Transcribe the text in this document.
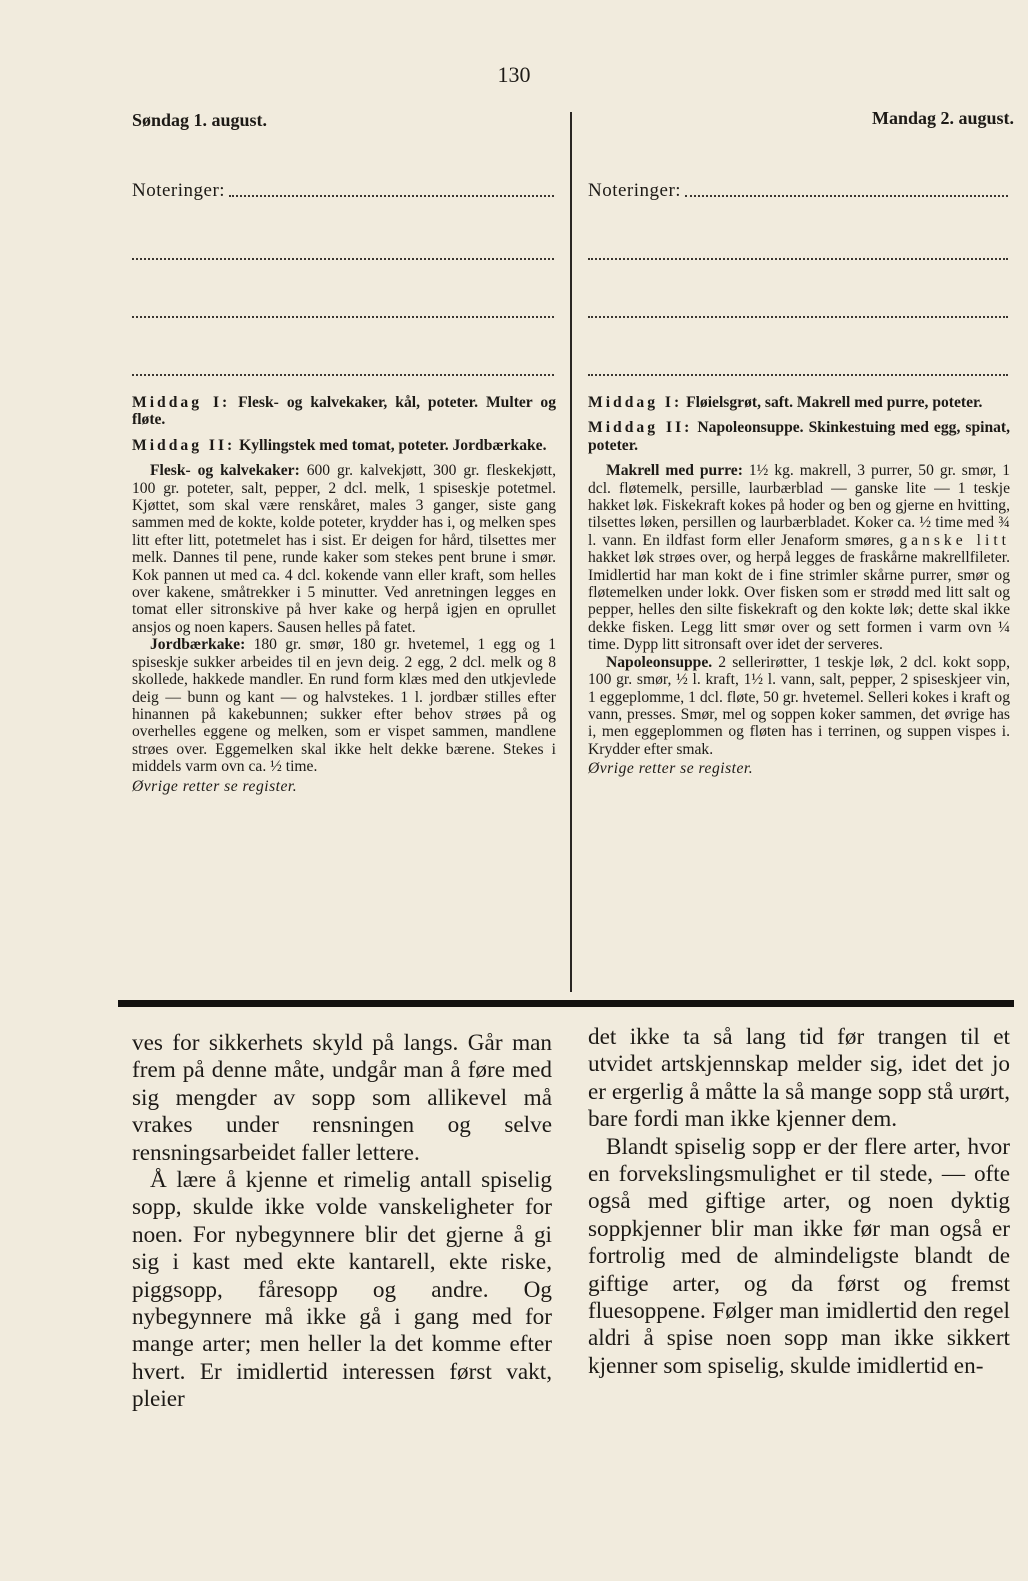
130
Søndag 1. august.	Mandag 2. august.
Noteringer:	Noteringer:

Middag I: Flesk- og kalvekaker, kål, poteter. Multer og fløte.

Middag II: Kyllingstek med tomat, poteter. Jordbærkake.

Flesk- og kalvekaker: 600 gr. kalvekjøtt, 300 gr. fleskekjøtt, 100 gr. poteter, salt, pepper, 2 dcl. melk, 1 spiseskje potetmel. Kjøttet, som skal være renskåret, males 3 ganger, siste gang sammen med de kokte, kolde poteter, krydder has i, og melken spes litt efter litt, potetmelet has i sist. Er deigen for hård, tilsettes mer melk. Dannes til pene, runde kaker som stekes pent brune i smør. Kok pannen ut med ca. 4 dcl. kokende vann eller kraft, som helles over kakene, småtrekker i 5 minutter. Ved anretningen legges en tomat eller sitronskive på hver kake og herpå igjen en oprullet ansjos og noen kapers. Sausen helles på fatet.

Jordbærkake: 180 gr. smør, 180 gr. hvetemel, 1 egg og 1 spiseskje sukker arbeides til en jevn deig. 2 egg, 2 dcl. melk og 8 skollede, hakkede mandler. En rund form klæs med den utkjevlede deig — bunn og kant — og halvstekes. 1 l. jordbær stilles efter hinannen på kakebunnen; sukker efter behov strøes på og overhelles eggene og melken, som er vispet sammen, mandlene strøes over. Eggemelken skal ikke helt dekke bærene. Stekes i middels varm ovn ca. ½ time.

Øvrige retter se register.

Middag I: Fløielsgrøt, saft. Makrell med purre, poteter.

Middag II: Napoleonsuppe. Skinkestuing med egg, spinat, poteter.

Makrell med purre: 1½ kg. makrell, 3 purrer, 50 gr. smør, 1 dcl. fløtemelk, persille, laurbærblad — ganske lite — 1 teskje hakket løk. Fiskekraft kokes på hoder og ben og gjerne en hvitting, tilsettes løken, persillen og laurbærbladet. Koker ca. ½ time med ¾ l. vann. En ildfast form eller Jenaform smøres, ganske litt hakket løk strøes over, og herpå legges de fraskårne makrellfileter. Imidlertid har man kokt de i fine strimler skårne purrer, smør og fløtemelken under lokk. Over fisken som er strødd med litt salt og pepper, helles den silte fiskekraft og den kokte løk; dette skal ikke dekke fisken. Legg litt smør over og sett formen i varm ovn ¼ time. Dypp litt sitronsaft over idet der serveres.

Napoleonsuppe. 2 sellerirøtter, 1 teskje løk, 2 dcl. kokt sopp, 100 gr. smør, ½ l. kraft, 1½ l. vann, salt, pepper, 2 spiseskjeer vin, 1 eggeplomme, 1 dcl. fløte, 50 gr. hvetemel. Selleri kokes i kraft og vann, presses. Smør, mel og soppen koker sammen, det øvrige has i, men eggeplommen og fløten has i terrinen, og suppen vispes i. Krydder efter smak.

Øvrige retter se register.

ves for sikkerhets skyld på langs. Går man frem på denne måte, undgår man å føre med sig mengder av sopp som allikevel må vrakes under rensningen og selve rensningsarbeidet faller lettere.

Å lære å kjenne et rimelig antall spiselig sopp, skulde ikke volde vanskeligheter for noen. For nybegynnere blir det gjerne å gi sig i kast med ekte kantarell, ekte riske, piggsopp, fåresopp og andre. Og nybegynnere må ikke gå i gang med for mange arter; men heller la det komme efter hvert. Er imidlertid interessen først vakt, pleier

det ikke ta så lang tid før trangen til et utvidet artskjennskap melder sig, idet det jo er ergerlig å måtte la så mange sopp stå urørt, bare fordi man ikke kjenner dem.

Blandt spiselig sopp er der flere arter, hvor en forvekslingsmulighet er til stede, — ofte også med giftige arter, og noen dyktig soppkjenner blir man ikke før man også er fortrolig med de almindeligste blandt de giftige arter, og da først og fremst fluesoppene. Følger man imidlertid den regel aldri å spise noen sopp man ikke sikkert kjenner som spiselig, skulde imidlertid en-
